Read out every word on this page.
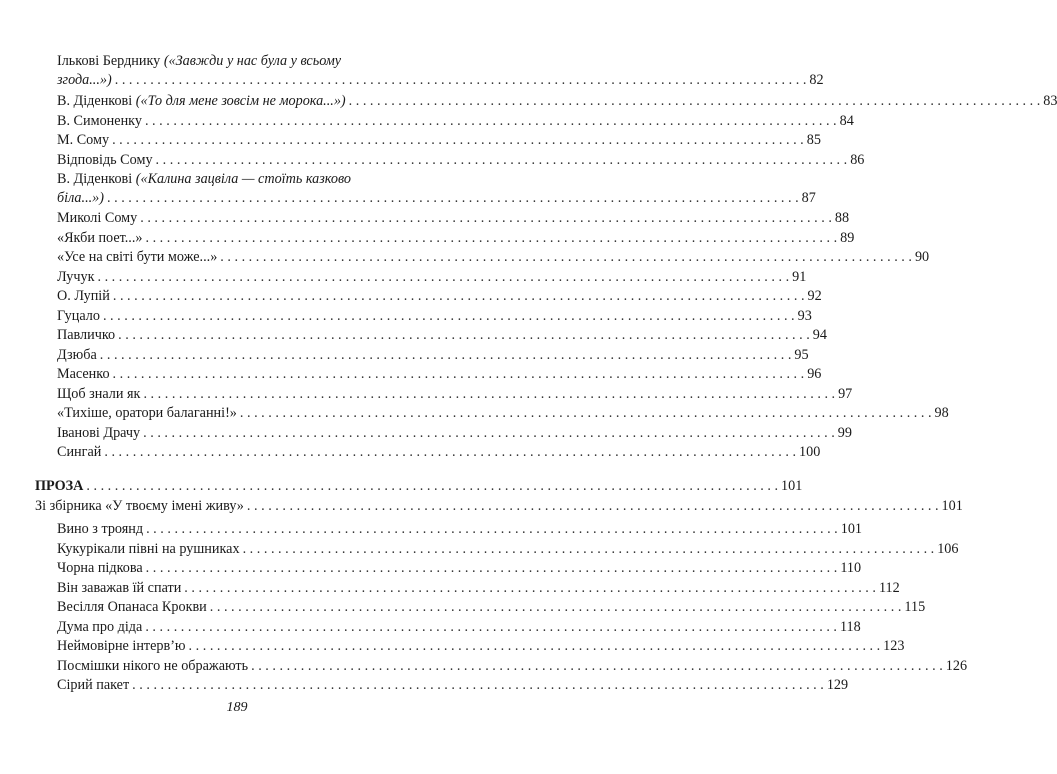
Ількові Берднику («Завжди у нас була у всьому
згода...») . . .	82
В. Діденкові («То для мене зовсім не морока...») . . .	83
В. Симоненку . . .	84
М. Сому . . .	85
Відповідь Сому . . .	86
В. Діденкові («Калина зацвіла — стоїть казково
біла...») . . .	87
Миколі Сому . . .	88
«Якби поет...» . . .	89
«Усе на світі бути може...» . . .	90
Лучук . . .	91
О. Лупій . . .	92
Гуцало . . .	93
Павличко . . .	94
Дзюба . . .	95
Масенко . . .	96
Щоб знали як . . .	97
«Тихіше, оратори балаганні!» . . .	98
Іванові Драчу . . .	99
Сингай . . .	100
ПРОЗА . . .	101
Зі збірника «У твоєму імені живу» . . .	101
Вино з троянд . . .	101
Кукурікали півні на рушниках . . .	106
Чорна підкова . . .	110
Він заважав їй спати . . .	112
Весілля Опанаса Крокви . . .	115
Дума про діда . . .	118
Неймовірне інтерв’ю . . .	123
Посмішки нікого не ображають . . .	126
Сірий пакет . . .	129
189
